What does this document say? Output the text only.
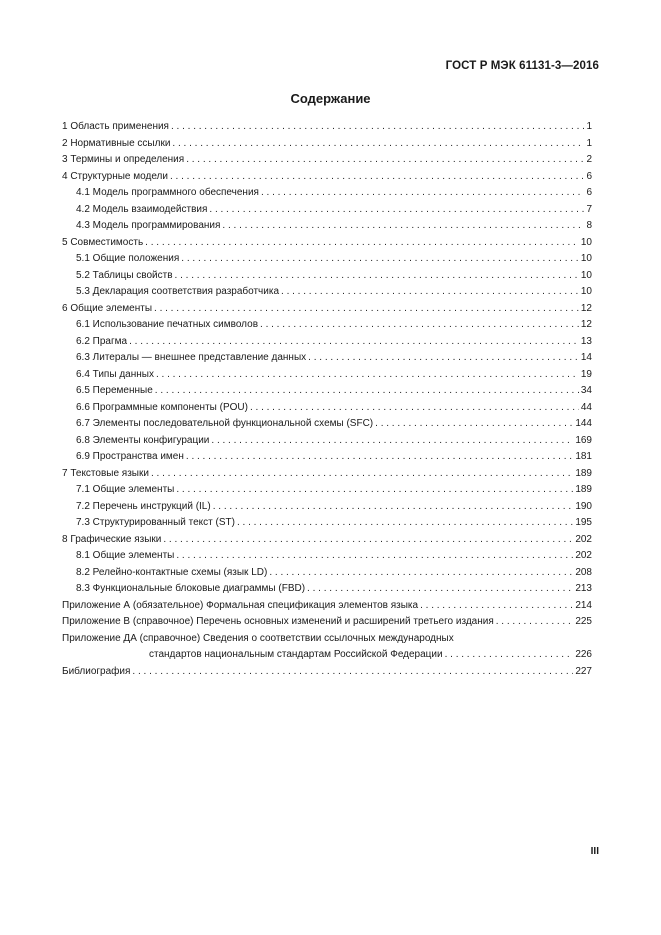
ГОСТ Р МЭК 61131-3—2016
Содержание
1 Область применения . . .	1
2 Нормативные ссылки . . .	1
3 Термины и определения . . .	2
4 Структурные модели . . .	6
4.1 Модель программного обеспечения . . .	6
4.2 Модель взаимодействия . . .	7
4.3 Модель программирования . . .	8
5 Совместимость . . .	10
5.1 Общие положения . . .	10
5.2 Таблицы свойств . . .	10
5.3 Декларация соответствия разработчика . . .	10
6 Общие элементы . . .	12
6.1 Использование печатных символов . . .	12
6.2 Прагма . . .	13
6.3 Литералы — внешнее представление данных . . .	14
6.4 Типы данных . . .	19
6.5 Переменные . . .	34
6.6 Программные компоненты (POU) . . .	44
6.7 Элементы последовательной функциональной схемы (SFC) . . .	144
6.8 Элементы конфигурации . . .	169
6.9 Пространства имен . . .	181
7 Текстовые языки . . .	189
7.1 Общие элементы . . .	189
7.2 Перечень инструкций (IL) . . .	190
7.3 Структурированный текст (ST) . . .	195
8 Графические языки . . .	202
8.1 Общие элементы . . .	202
8.2 Релейно-контактные схемы (язык LD) . . .	208
8.3 Функциональные блоковые диаграммы (FBD) . . .	213
Приложение А (обязательное) Формальная спецификация элементов языка . . .	214
Приложение В (справочное) Перечень основных изменений и расширений третьего издания . . .	225
Приложение ДА (справочное) Сведения о соответствии ссылочных международных
стандартов национальным стандартам Российской Федерации . . .	226
Библиография . . .	227
III
